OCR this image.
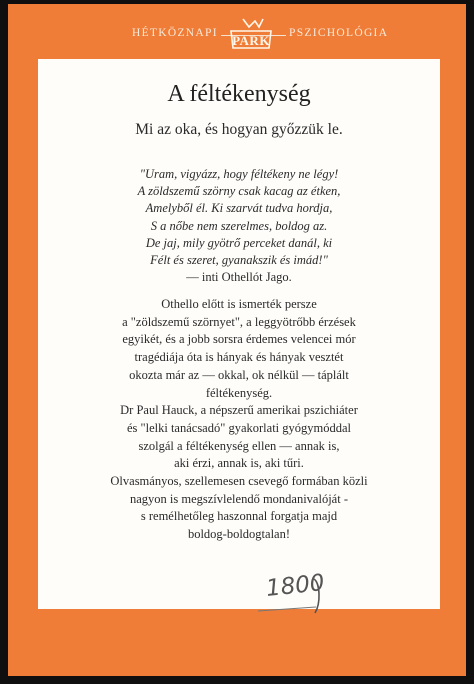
HÉTKÖZNAPI	PSZICHOLÓGIA
PARK
A féltékenység
Mi az oka, és hogyan győzzük le.
"Uram, vigyázz, hogy féltékeny ne légy!
A zöldszemű szörny csak kacag az étken,
Amelyből él. Ki szarvát tudva hordja,
S a nőbe nem szerelmes, boldog az.
De jaj, mily gyötrő perceket danál, ki
Félt és szeret, gyanakszik és imád!"
— inti Othellót Jago.
Othello előtt is ismerték persze
a "zöldszemű szörnyet", a leggyötrőbb érzések
egyikét, és a jobb sorsra érdemes velencei mór
tragédiája óta is hányak és hányak vesztét
okozta már az — okkal, ok nélkül — táplált
féltékenység.
Dr Paul Hauck, a népszerű amerikai pszichiáter
és "lelki tanácsadó" gyakorlati gyógymóddal
szolgál a féltékenység ellen — annak is,
aki érzi, annak is, aki tűri.
Olvasmányos, szellemesen csevegő formában közli
nagyon is megszívlelendő mondanivalóját -
s remélhetőleg haszonnal forgatja majd
boldog-boldogtalan!
1800
